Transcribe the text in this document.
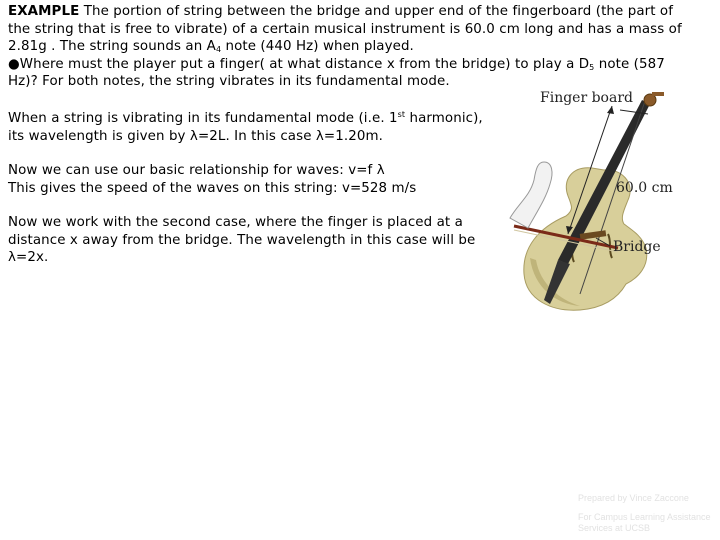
EXAMPLE The portion of string between the bridge and upper end of the fingerboard (the part of
the string that is free to vibrate) of a certain musical instrument is 60.0 cm long and has a mass of
2.81g . The string sounds an $A_4$ note (440 Hz) when played.
●Where must the player put a finger( at what distance x from the bridge) to play a $D_5$ note (587
Hz)? For both notes, the string vibrates in its fundamental mode.
When a string is vibrating in its fundamental mode (i.e. 1st harmonic),
its wavelength is given by λ=2L. In this case λ=1.20m.
Now we can use our basic relationship for waves: v=f λ
This gives the speed of the waves on this string: v=528 m/s
Now we work with the second case, where the finger is placed at a
distance x away from the bridge. The wavelength in this case will be
λ=2x.
Finger board
60.0 cm
Bridge
Prepared by Vince Zaccone
For Campus Learning Assistance Services at UCSB
